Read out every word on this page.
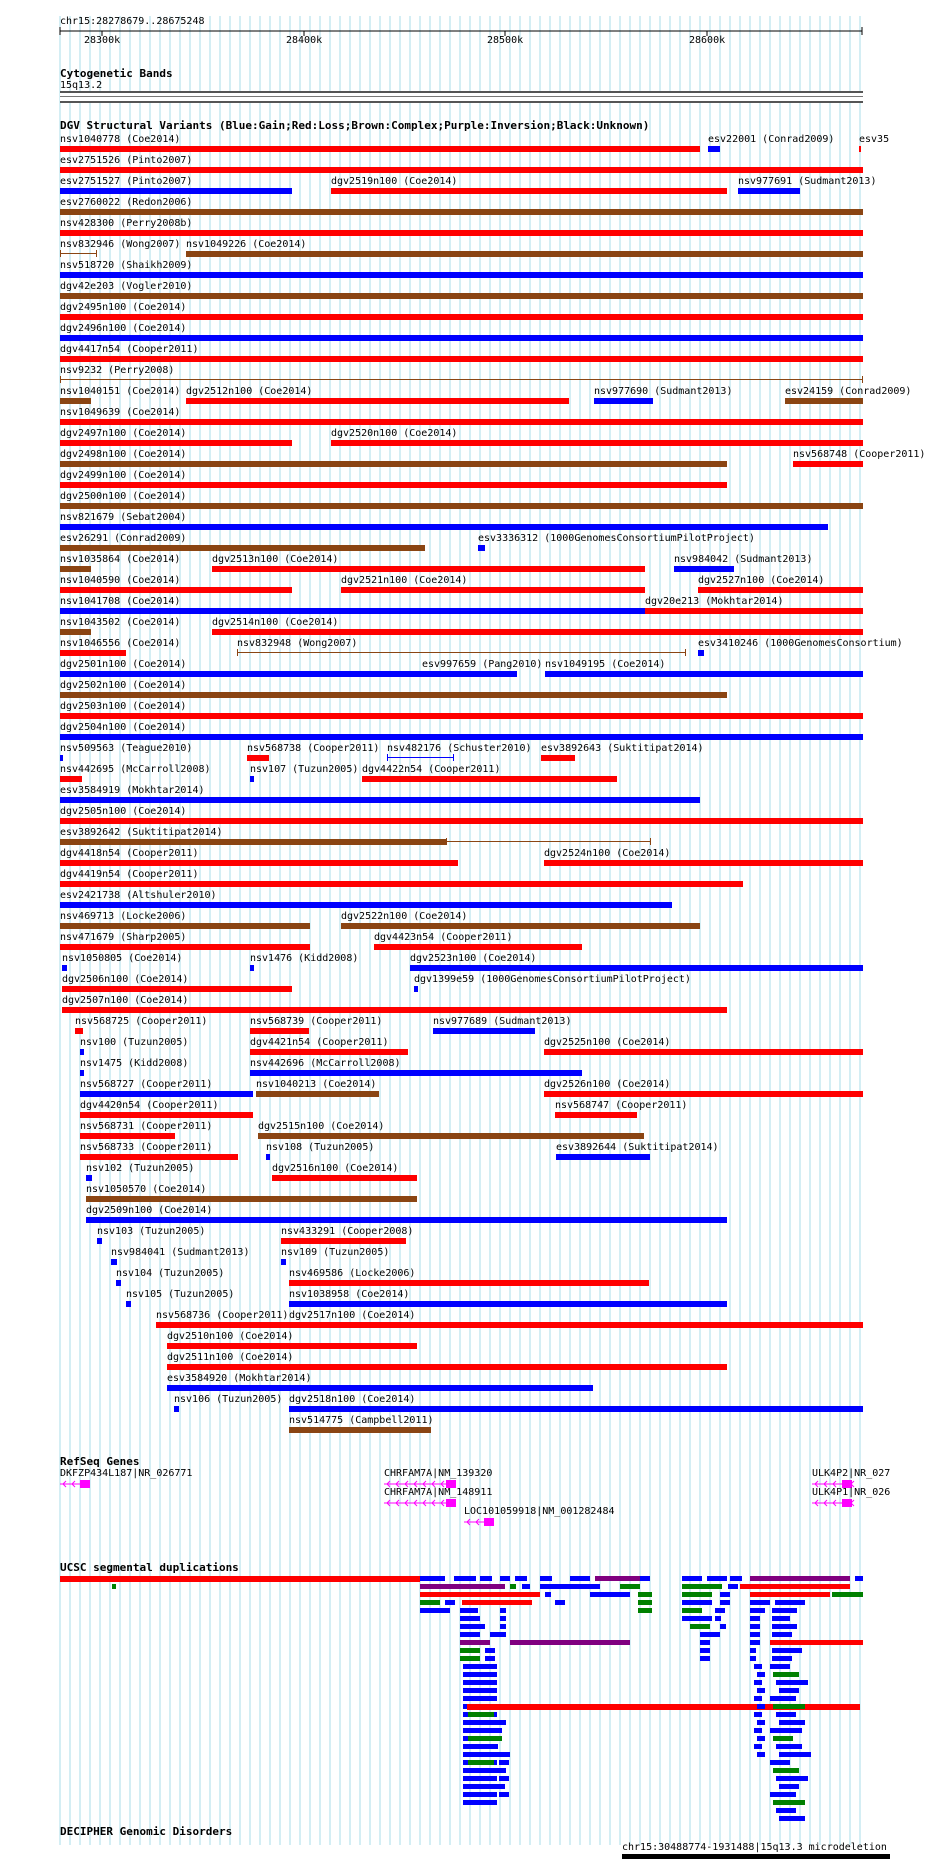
chr15:28278679..28675248
28300k	28400k	28500k	28600k
Cytogenetic Bands
15q13.2
DGV Structural Variants (Blue:Gain;Red:Loss;Brown:Complex;Purple:Inversion;Black:Unknown)
nsv1040778 (Coe2014)	esv22001 (Conrad2009) esv35
esv2751526 (Pinto2007)
esv2751527 (Pinto2007)	dgv2519n100 (Coe2014)	nsv977691 (Sudmant2013)
esv2760022 (Redon2006)
nsv428300 (Perry2008b)
nsv832946 (Wong2007) nsv1049226 (Coe2014)
nsv518720 (Shaikh2009)
dgv42e203 (Vogler2010)
dgv2495n100 (Coe2014)
dgv2496n100 (Coe2014)
dgv4417n54 (Cooper2011)
nsv9232 (Perry2008)
nsv1040151 (Coe2014) dgv2512n100 (Coe2014)	nsv977690 (Sudmant2013)	esv24159 (Conrad2009)
nsv1049639 (Coe2014)
dgv2497n100 (Coe2014)	dgv2520n100 (Coe2014)
dgv2498n100 (Coe2014)	nsv568748 (Cooper2011)
dgv2499n100 (Coe2014)
dgv2500n100 (Coe2014)
nsv821679 (Sebat2004)
esv26291 (Conrad2009)	esv3336312 (1000GenomesConsortiumPilotProject)
nsv1035864 (Coe2014)	dgv2513n100 (Coe2014)	nsv984042 (Sudmant2013)
nsv1040590 (Coe2014)	dgv2521n100 (Coe2014)	dgv2527n100 (Coe2014)
nsv1041708 (Coe2014)	dgv20e213 (Mokhtar2014)
nsv1043502 (Coe2014)	dgv2514n100 (Coe2014)
nsv1046556 (Coe2014)	nsv832948 (Wong2007)	esv3410246 (1000GenomesConsortium)
dgv2501n100 (Coe2014)	esv997659 (Pang2010) nsv1049195 (Coe2014)
dgv2502n100 (Coe2014)
dgv2503n100 (Coe2014)
dgv2504n100 (Coe2014)
nsv509563 (Teague2010)	nsv568738 (Cooper2011) nsv482176 (Schuster2010) esv3892643 (Suktitipat2014)
nsv442695 (McCarroll2008)	nsv107 (Tuzun2005) dgv4422n54 (Cooper2011)
esv3584919 (Mokhtar2014)
dgv2505n100 (Coe2014)
esv3892642 (Suktitipat2014)
dgv4418n54 (Cooper2011)	dgv2524n100 (Coe2014)
dgv4419n54 (Cooper2011)
esv2421738 (Altshuler2010)
nsv469713 (Locke2006)	dgv2522n100 (Coe2014)
nsv471679 (Sharp2005)	dgv4423n54 (Cooper2011)
nsv1050805 (Coe2014)	nsv1476 (Kidd2008)	dgv2523n100 (Coe2014)
dgv2506n100 (Coe2014)	dgv1399e59 (1000GenomesConsortiumPilotProject)
dgv2507n100 (Coe2014)
nsv568725 (Cooper2011)	nsv568739 (Cooper2011)	nsv977689 (Sudmant2013)
nsv100 (Tuzun2005)	dgv4421n54 (Cooper2011)	dgv2525n100 (Coe2014)
nsv1475 (Kidd2008)	nsv442696 (McCarroll2008)
nsv568727 (Cooper2011)	nsv1040213 (Coe2014)	dgv2526n100 (Coe2014)
dgv4420n54 (Cooper2011)	nsv568747 (Cooper2011)
nsv568731 (Cooper2011)	dgv2515n100 (Coe2014)
nsv568733 (Cooper2011)	nsv108 (Tuzun2005)	esv3892644 (Suktitipat2014)
nsv102 (Tuzun2005)	dgv2516n100 (Coe2014)
nsv1050570 (Coe2014)
dgv2509n100 (Coe2014)
nsv103 (Tuzun2005)	nsv433291 (Cooper2008)
nsv984041 (Sudmant2013)	nsv109 (Tuzun2005)
nsv104 (Tuzun2005)	nsv469586 (Locke2006)
nsv105 (Tuzun2005)	nsv1038958 (Coe2014)
nsv568736 (Cooper2011) dgv2517n100 (Coe2014)
dgv2510n100 (Coe2014)
dgv2511n100 (Coe2014)
esv3584920 (Mokhtar2014)
nsv106 (Tuzun2005) dgv2518n100 (Coe2014)
nsv514775 (Campbell2011)
RefSeq Genes
DKFZP434L187|NR_026771	CHRFAM7A|NM_139320	ULK4P2|NR_027
CHRFAM7A|NM_148911	ULK4P1|NR_026
LOC101059918|NM_001282484
UCSC segmental duplications
DECIPHER Genomic Disorders
chr15:30488774-1931488|15q13.3 microdeletion
